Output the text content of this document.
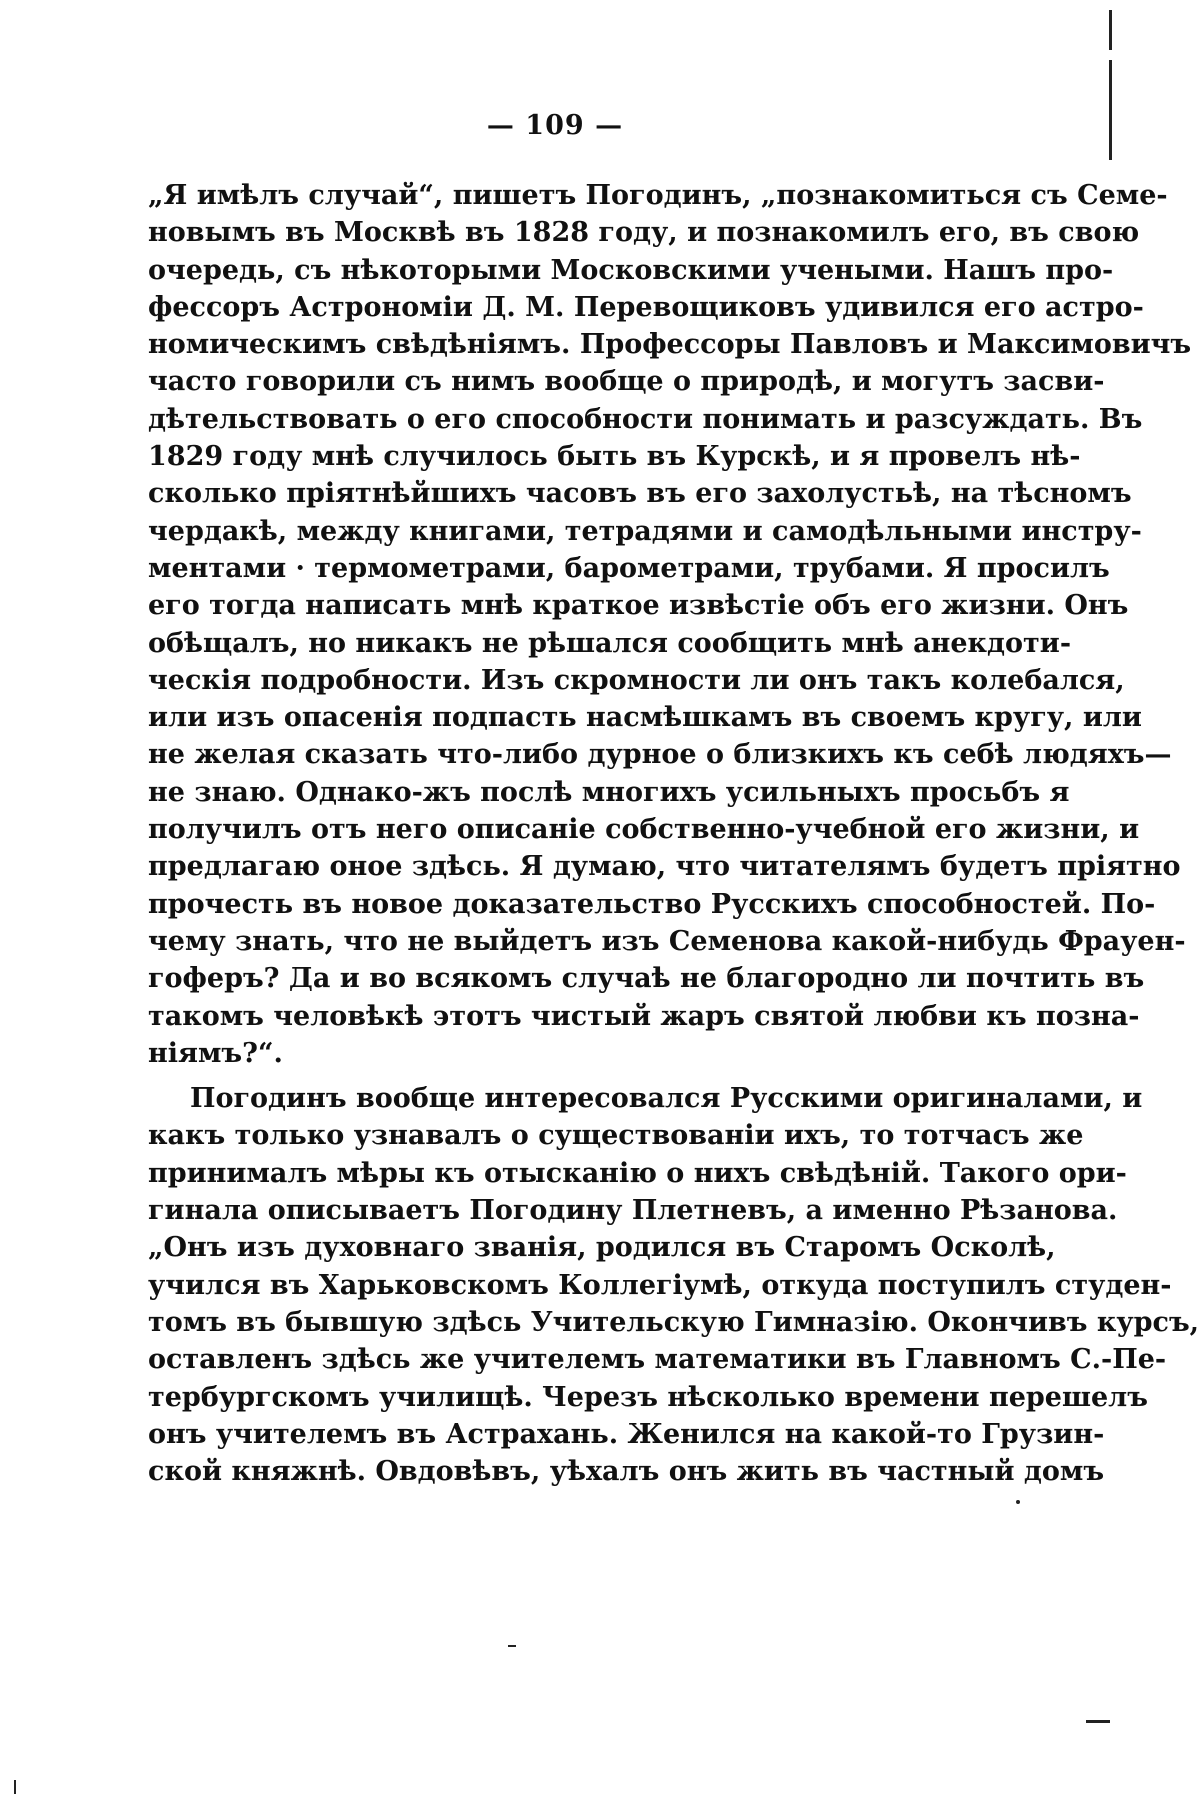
— 109 —
„Я имѣлъ случай“, пишетъ Погодинъ, „познакомиться съ Семе-
новымъ въ Москвѣ въ 1828 году, и познакомилъ его, въ свою
очередь, съ нѣкоторыми Московскими учеными. Нашъ про-
фессоръ Астрономіи Д. М. Перевощиковъ удивился его астро-
номическимъ свѣдѣніямъ. Профессоры Павловъ и Максимовичъ
часто говорили съ нимъ вообще о природѣ, и могутъ засви-
дѣтельствовать о его способности понимать и разсуждать. Въ
1829 году мнѣ случилось быть въ Курскѣ, и я провелъ нѣ-
сколько пріятнѣйшихъ часовъ въ его захолустьѣ, на тѣсномъ
чердакѣ, между книгами, тетрадями и самодѣльными инстру-
ментами · термометрами, барометрами, трубами. Я просилъ
его тогда написать мнѣ краткое извѣстіе объ его жизни. Онъ
обѣщалъ, но никакъ не рѣшался сообщить мнѣ анекдоти-
ческія подробности. Изъ скромности ли онъ такъ колебался,
или изъ опасенія подпасть насмѣшкамъ въ своемъ кругу, или
не желая сказать что-либо дурное о близкихъ къ себѣ людяхъ—
не знаю. Однако-жъ послѣ многихъ усильныхъ просьбъ я
получилъ отъ него описаніе собственно-учебной его жизни, и
предлагаю оное здѣсь. Я думаю, что читателямъ будетъ пріятно
прочесть въ новое доказательство Русскихъ способностей. По-
чему знать, что не выйдетъ изъ Семенова какой-нибудь Фрауен-
гоферъ? Да и во всякомъ случаѣ не благородно ли почтить въ
такомъ человѣкѣ этотъ чистый жаръ святой любви къ позна-
ніямъ?“.
Погодинъ вообще интересовался Русскими оригиналами, и
какъ только узнавалъ о существованіи ихъ, то тотчасъ же
принималъ мѣры къ отысканію о нихъ свѣдѣній. Такого ори-
гинала описываетъ Погодину Плетневъ, а именно Рѣзанова.
„Онъ изъ духовнаго званія, родился въ Старомъ Осколѣ,
учился въ Харьковскомъ Коллегіумѣ, откуда поступилъ студен-
томъ въ бывшую здѣсь Учительскую Гимназію. Окончивъ курсъ,
оставленъ здѣсь же учителемъ математики въ Главномъ С.-Пе-
тербургскомъ училищѣ. Черезъ нѣсколько времени перешелъ
онъ учителемъ въ Астрахань. Женился на какой-то Грузин-
ской княжнѣ. Овдовѣвъ, уѣхалъ онъ жить въ частный домъ
